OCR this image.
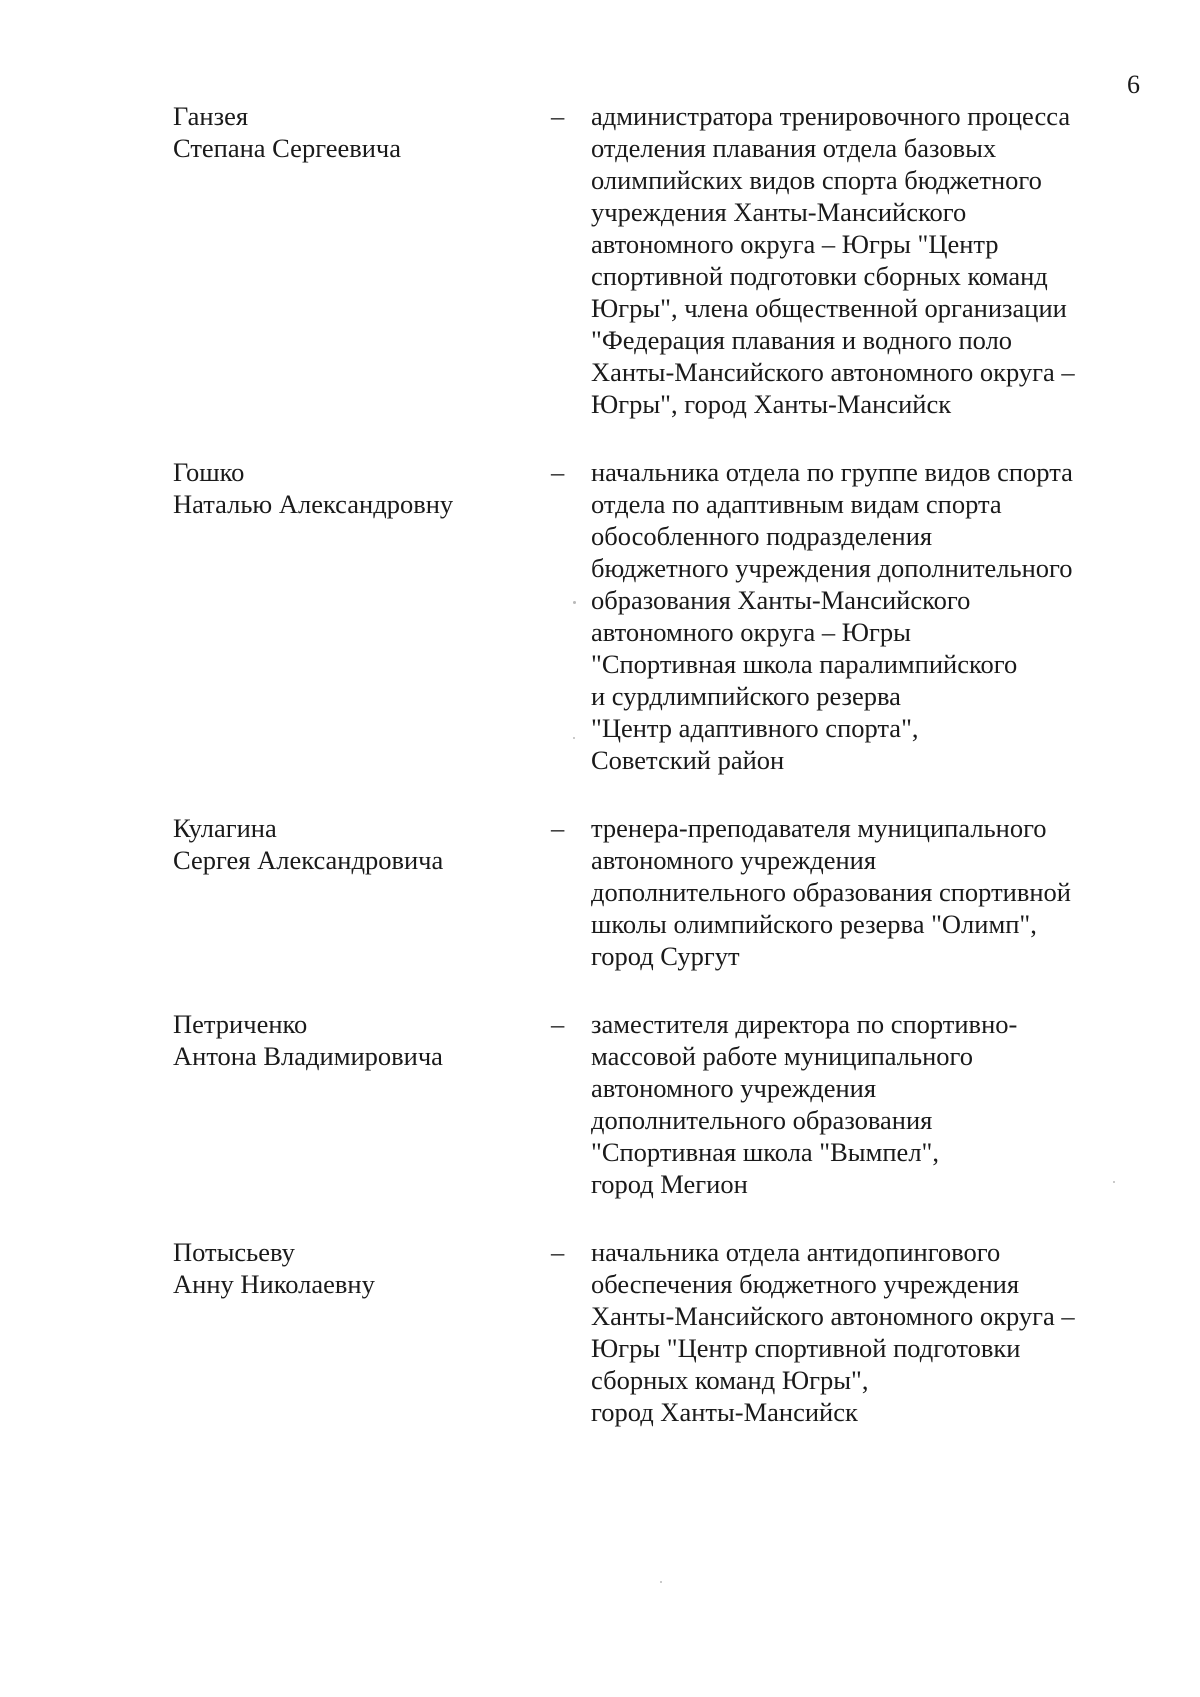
6
Ганзея
Степана Сергеевича
–	администратора тренировочного процесса
отделения плавания отдела базовых
олимпийских видов спорта бюджетного
учреждения Ханты-Мансийского
автономного округа – Югры "Центр
спортивной подготовки сборных команд
Югры", члена общественной организации
"Федерация плавания и водного поло
Ханты-Мансийского автономного округа –
Югры", город Ханты-Мансийск
Гошко
Наталью Александровну
–	начальника отдела по группе видов спорта
отдела по адаптивным видам спорта
обособленного подразделения
бюджетного учреждения дополнительного
образования Ханты-Мансийского
автономного округа – Югры
"Спортивная школа паралимпийского
и сурдлимпийского резерва
"Центр адаптивного спорта",
Советский район
Кулагина
Сергея Александровича
–	тренера-преподавателя муниципального
автономного учреждения
дополнительного образования спортивной
школы олимпийского резерва "Олимп",
город Сургут
Петриченко
Антона Владимировича
–	заместителя директора по спортивно-
массовой работе муниципального
автономного учреждения
дополнительного образования
"Спортивная школа "Вымпел",
город Мегион
Потысьеву
Анну Николаевну
–	начальника отдела антидопингового
обеспечения бюджетного учреждения
Ханты-Мансийского автономного округа –
Югры "Центр спортивной подготовки
сборных команд Югры",
город Ханты-Мансийск
